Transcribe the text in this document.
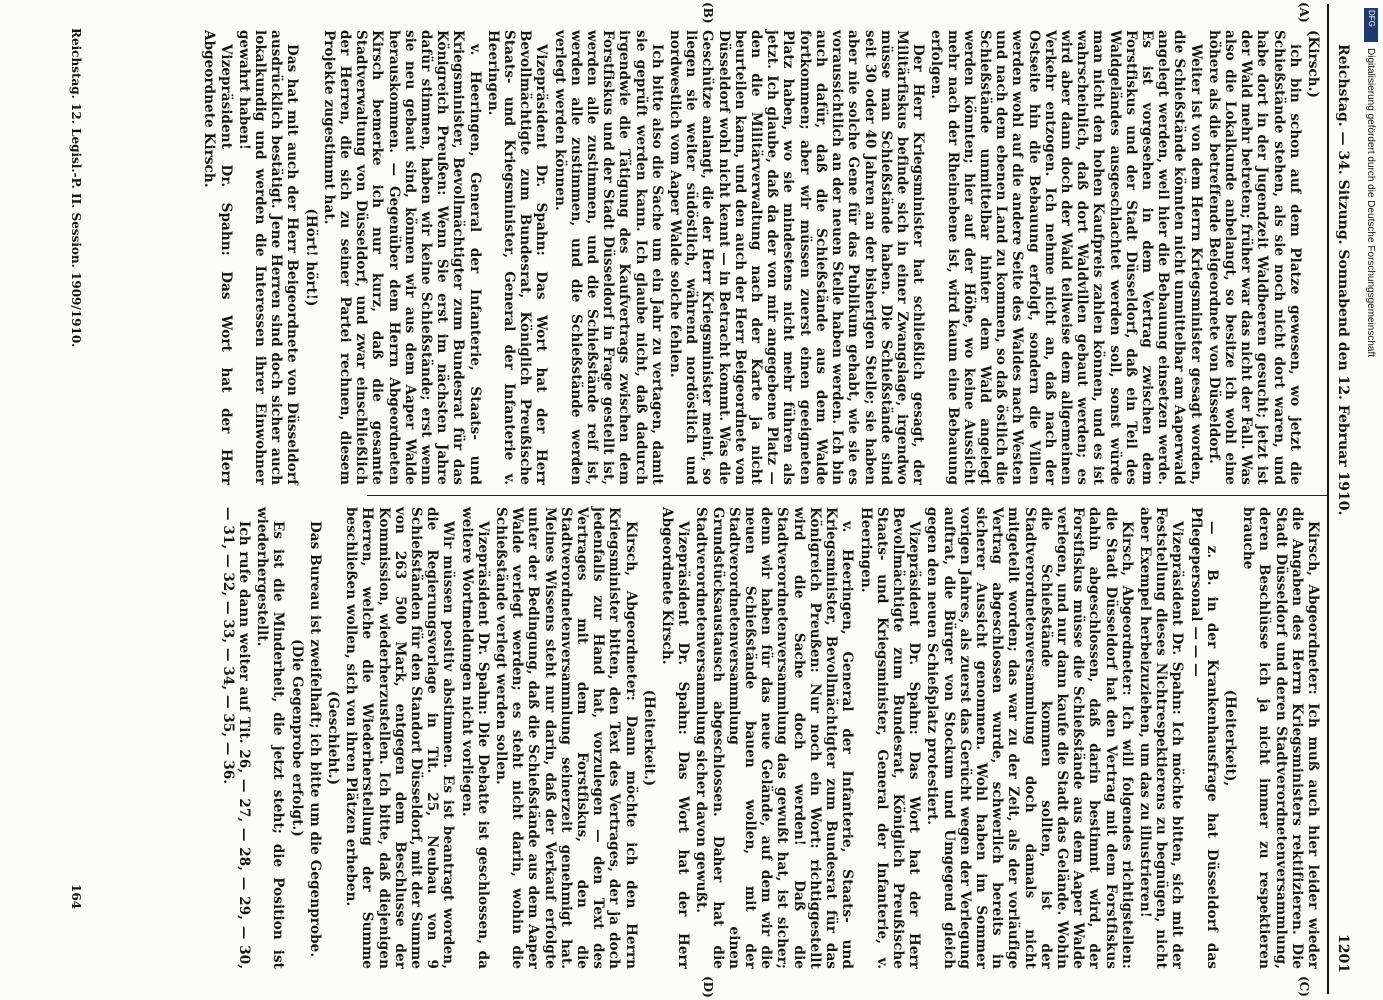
Reichstag. — 34. Sitzung. Sonnabend den 12. Februar 1910.
1201
(A)
(B)
(C)
(D)

(Kirsch.)

ich bin schon auf dem Platze gewesen, wo jetzt die Schießstände stehen, als sie noch nicht dort waren, und habe dort in der Jugendzeit Waldbeeren gesucht; jetzt ist der Wald mehr betreten; früher war das nicht der Fall. Was also die Lokalkunde anbelangt, so besitze ich wohl eine höhere als die betreffende Beigeordnete von Düsseldorf.

Weiter ist von dem Herrn Kriegsminister gesagt worden, die Schießstände könnten nicht unmittelbar am Aaperwald angelegt werden, weil hier die Bebauung einsetzen werde. Es ist vorgesehen in dem Vertrag zwischen dem Forstfiskus und der Stadt Düsseldorf, daß ein Teil des Waldgeländes ausgeschlachtet werden soll, sonst würde man nicht den hohen Kaufpreis zahlen können, und es ist wahrscheinlich, daß dort Waldvillen gebaut werden; es wird aber dann doch der Wald teilweise dem allgemeinen Verkehr entzogen. Ich nehme nicht an, daß nach der Ostseite hin die Bebauung erfolgt, sondern die Villen werden wohl auf die andere Seite des Waldes nach Westen und nach dem ebenen Land zu kommen, so daß östlich die Schießstände unmittelbar hinter dem Wald angelegt werden könnten; hier auf der Höhe, wo keine Aussicht mehr nach der Rheinebene ist, wird kaum eine Bebauung erfolgen.

Der Herr Kriegsminister hat schließlich gesagt, der Militärfiskus befinde sich in einer Zwangslage, irgendwo müsse man Schießstände haben. Die Schießstände sind seit 30 oder 40 Jahren an der bisherigen Stelle; sie haben aber nie solche Gene für das Publikum gehabt, wie sie es voraussichtlich an der neuen Stelle haben werden. Ich bin auch dafür, daß die Schießstände aus dem Walde fortkommen; aber wir müssen zuerst einen geeigneten Platz haben, wo sie mindestens nicht mehr führen als jetzt. Ich glaube, daß da der von mir angegebene Platz — den die Militärverwaltung nach der Karte ja nicht beurteilen kann, und den auch der Herr Beigeordnete von Düsseldorf wohl nicht kennt — in Betracht kommt. Was die Geschütze anlangt, die der Herr Kriegsminister meint, so liegen sie weiter südöstlich, während nordöstlich und nordwestlich vom Aaper Walde solche fehlen.

Ich bitte also die Sache um ein Jahr zu vertagen, damit sie geprüft werden kann. Ich glaube nicht, daß dadurch irgendwie die Tätigung des Kaufvertrags zwischen dem Forstfiskus und der Stadt Düsseldorf in Frage gestellt ist, werden alle zustimmen, und die Schießstände reif ist, werden alle zustimmen, und die Schießstände werden verlegt werden können.

Vizepräsident Dr. Spahn: Das Wort hat der Herr Bevollmächtigte zum Bundesrat, Königlich Preußische Staats- und Kriegsminister, General der Infanterie v. Heeringen.

v. Heeringen, General der Infanterie, Staats- und Kriegsminister, Bevollmächtigter zum Bundesrat für das Königreich Preußen: Wenn Sie erst im nächsten Jahre dafür stimmen, haben wir keine Schießstände; erst wenn sie neu gebaut sind, können wir aus dem Aaper Walde herauskommen. — Gegenüber dem Herrn Abgeordneten Kirsch bemerke ich nur kurz, daß die gesamte Stadtverwaltung von Düsseldorf, und zwar einschließlich der Herren, die sich zu seiner Partei rechnen, diesem Projekte zugestimmt hat.

(Hört! hört!)

Das hat mit auch der Herr Beigeordnete von Düsseldorf ausdrücklich bestätigt. Jene Herren sind doch sicher auch lokalkundig und werden die Interessen ihrer Einwohner gewahrt haben!

Vizepräsident Dr. Spahn: Das Wort hat der Herr Abgeordnete Kirsch.

Kirsch, Abgeordneter: Ich muß auch hier leider wieder die Angaben des Herrn Kriegsministers rektifizieren. Die Stadt Düsseldorf und deren Stadtverordnetenversammlung, deren Beschlüsse ich ja nicht immer zu respektieren brauche

(Heiterkeit),

— z. B. in der Krankenhausfrage hat Düsseldorf das Pflegepersonal — — —

Vizepräsident Dr. Spahn: Ich möchte bitten, sich mit der Feststellung dieses Nichtrespektierens zu begnügen, nicht aber Exempel herbeizuziehen, um das zu illustrieren!

Kirsch, Abgeordneter: Ich will folgendes richtigstellen: die Stadt Düsseldorf hat den Vertrag mit dem Forstfiskus dahin abgeschlossen, daß darin bestimmt wird, der Forstfiskus müsse die Schießstände aus dem Aaper Walde verlegen, und nur dann kaufe die Stadt das Gelände. Wohin die Schießstände kommen sollten, ist der Stadtverordnetenversammlung doch damals nicht mitgeteilt worden; das war zu der Zeit, als der vorläufige Vertrag abgeschlossen wurde, schwerlich bereits in sicherer Aussicht genommen. Wohl haben im Sommer vorigen Jahres, als zuerst das Gerücht wegen der Verlegung auftrat, die Bürger von Stockum und Umgegend gleich gegen den neuen Schießplatz protestiert.

Vizepräsident Dr. Spahn: Das Wort hat der Herr Bevollmächtigte zum Bundesrat, Königlich Preußische Staats- und Kriegsminister, General der Infanterie, v. Heeringen.

v. Heeringen, General der Infanterie, Staats- und Kriegsminister, Bevollmächtigter zum Bundesrat für das Königreich Preußen: Nur noch ein Wort: richtiggestellt wird die Sache doch werden! Daß die Stadtverordnetenversammlung das gewußt hat, ist sicher; denn wir haben für das neue Gelände, auf dem wir die neuen Schießstände bauen wollen, mit der Stadtverordnetenversammlung einen Grundstücksaustausch abgeschlossen. Daher hat die Stadtverordnetenversammlung sicher davon gewußt.

Vizepräsident Dr. Spahn: Das Wort hat der Herr Abgeordnete Kirsch.

(Heiterkeit.)

Kirsch, Abgeordneter: Dann möchte ich den Herrn Kriegsminister bitten, den Text des Vertrages, der ja doch jedenfalls zur Hand hat, vorzulegen — den Text des Vertrages mit dem Forstfiskus, den die Stadtverordnetenversammlung seinerzeit genehmigt hat. Meines Wissens steht nur darin, daß der Verkauf erfolgte unter der Bedingung, daß die Schießstände aus dem Aaper Walde verlegt werden; es steht nicht darin, wohin die Schießstände verlegt werden sollen.

Vizepräsident Dr. Spahn: Die Debatte ist geschlossen, da weitere Wortmeldungen nicht vorliegen.

Wir müssen positiv abstimmen. Es ist beantragt worden, die Regierungsvorlage in Tit. 25, Neubau von 9 Schießständen für den Standort Düsseldorf, mit der Summe von 263 500 Mark, entgegen dem Beschlusse der Kommission, wiederherzustellen. Ich bitte, daß diejenigen Herren, welche die Wiederherstellung der Summe beschließen wollen, sich von ihren Plätzen erheben.

(Geschieht.)

Das Bureau ist zweifelhaft; ich bitte um die Gegenprobe.

(Die Gegenprobe erfolgt.)

Es ist die Minderheit, die jetzt steht; die Position ist wiederhergestellt.

Ich rufe dann weiter auf Tit. 26, — 27, — 28, — 29, — 30, — 31, — 32, — 33, — 34, — 35, — 36.

Reichstag. 12. Legisl.-P. II. Session. 1909/1910.
164
DFG
Digitalisierung gefördert durch die Deutsche Forschungsgemeinschaft
